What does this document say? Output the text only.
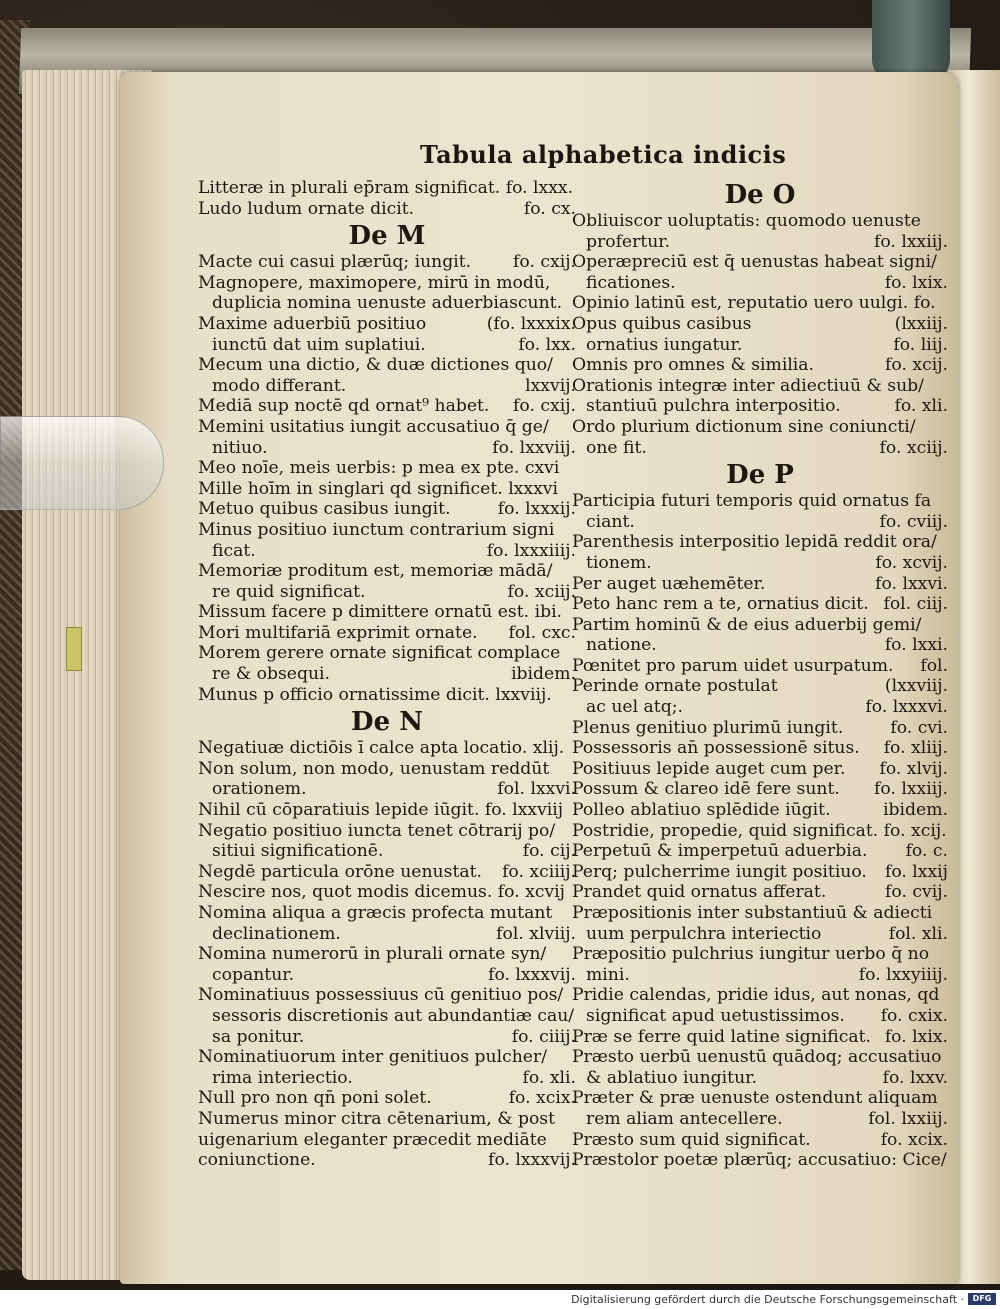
Tabula alphabetica indicis
Litteræ in plurali ep̄ram significat. fo. lxxx.
fo. cx.
Ludo ludum ornate dicit.
De M
fo. cxij.
Macte cui casui plærūq; iungit.
Magnopere, maximopere, mirū in modū,
duplicia nomina uenuste aduerbiascunt.
(fo. lxxxix.
Maxime aduerbiū positiuo
fo. lxx.
iunctū dat uim suplatiui.
Mecum una dictio, & duæ dictiones quo/
lxxvij.
modo differant.
fo. cxij.
Mediā sup noctē qd ornat⁹ habet.
Memini usitatius iungit accusatiuo q̄ ge/
fo. lxxviij.
nitiuo.
Meo noīe, meis uerbis: p mea ex pte. cxvi
Mille hoīm in singl̄ari qd significet. lxxxvi
fo. lxxxij.
Metuo quibus casibus iungit.
Minus positiuo iunctum contrarium signi
fo. lxxxiiij.
ficat.
Memoriæ proditum est, memoriæ mādā/
fo. xciij.
re quid significat.
Missum facere p dimittere ornatū est. ibi.
fol. cxc.
Mori multifariā exprimit ornate.
Morem gerere ornate significat complace
ibidem.
re & obsequi.
Munus p officio ornatissime dicit. lxxviij.
De N
Negatiuæ dictiōis ī calce apta locatio. xlij.
Non solum, non modo, uenustam reddūt
fol. lxxvi.
orationem.
Nihil cū cōparatiuis lepide iūgit. fo. lxxviij
Negatio positiuo iuncta tenet cōtrarij po/
fo. cij.
sitiui significationē.
fo. xciiij.
Negdē particula orōne uenustat.
Nescire nos, quot modis dicemus. fo. xcvij
Nomina aliqua a græcis profecta mutant
fol. xlviij.
declinationem.
Nomina numerorū in plurali ornate syn/
fo. lxxxvij.
copantur.
Nominatiuus possessiuus cū genitiuo pos/
sessoris discretionis aut abundantiæ cau/
fo. ciiij.
sa ponitur.
Nominatiuorum inter genitiuos pulcher/
fo. xli.
rima interiectio.
fo. xcix.
Null pro non qn̄ poni solet.
Numerus minor citra cētenarium, & post
uigenarium eleganter præcedit mediāte
fo. lxxxvij.
coniunctione.
De O
Obliuiscor uoluptatis: quomodo uenuste
fo. lxxiij.
profertur.
Operæpreciū est q̄ uenustas habeat signi/
fo. lxix.
ficationes.
Opinio latinū est, reputatio uero uulgi. fo.
(lxxiij.
Opus quibus casibus
fo. liij.
ornatius iungatur.
fo. xcij.
Omnis pro omnes & similia.
Orationis integræ inter adiectiuū & sub/
fo. xli.
stantiuū pulchra interpositio.
Ordo plurium dictionum sine coniuncti/
fo. xciij.
one fit.
De P
Participia futuri temporis quid ornatus fa
fo. cviij.
ciant.
Parenthesis interpositio lepidā reddit ora/
fo. xcvij.
tionem.
fo. lxxvi.
Per auget uæhemēter.
fol. ciij.
Peto hanc rem a te, ornatius dicit.
Partim hominū & de eius aduerbij gemi/
fo. lxxi.
natione.
fol.
Pœnitet pro parum uidet usurpatum.
(lxxviij.
Perinde ornate postulat
fo. lxxxvi.
ac uel atq;.
fo. cvi.
Plenus genitiuo plurimū iungit.
fo. xliij.
Possessoris an̄ possessionē situs.
fo. xlvij.
Positiuus lepide auget cum per.
fo. lxxiij.
Possum & clareo idē fere sunt.
ibidem.
Polleo ablatiuo splēdide iūgit.
Postridie, propedie, quid significat. fo. xcij.
fo. c.
Perpetuū & imperpetuū aduerbia.
fo. lxxij
Perq; pulcherrime iungit positiuo.
fo. cvij.
Prandet quid ornatus afferat.
Præpositionis inter substantiuū & adiecti
fol. xli.
uum perpulchra interiectio
Præpositio pulchrius iungitur uerbo q̄ no
fo. lxxyiiij.
mini.
Pridie calendas, pridie idus, aut nonas, qd
fo. cxix.
significat apud uetustissimos.
fo. lxix.
Præ se ferre quid latine significat.
Præsto uerbū uenustū quādoq; accusatiuo
fo. lxxv.
& ablatiuo iungitur.
Præter & præ uenuste ostendunt aliquam
fol. lxxiij.
rem aliam antecellere.
fo. xcix.
Præsto sum quid significat.
Præstolor poetæ plærūq; accusatiuo: Cice/
Digitalisierung gefördert durch die Deutsche Forschungsgemeinschaft ·	DFG
